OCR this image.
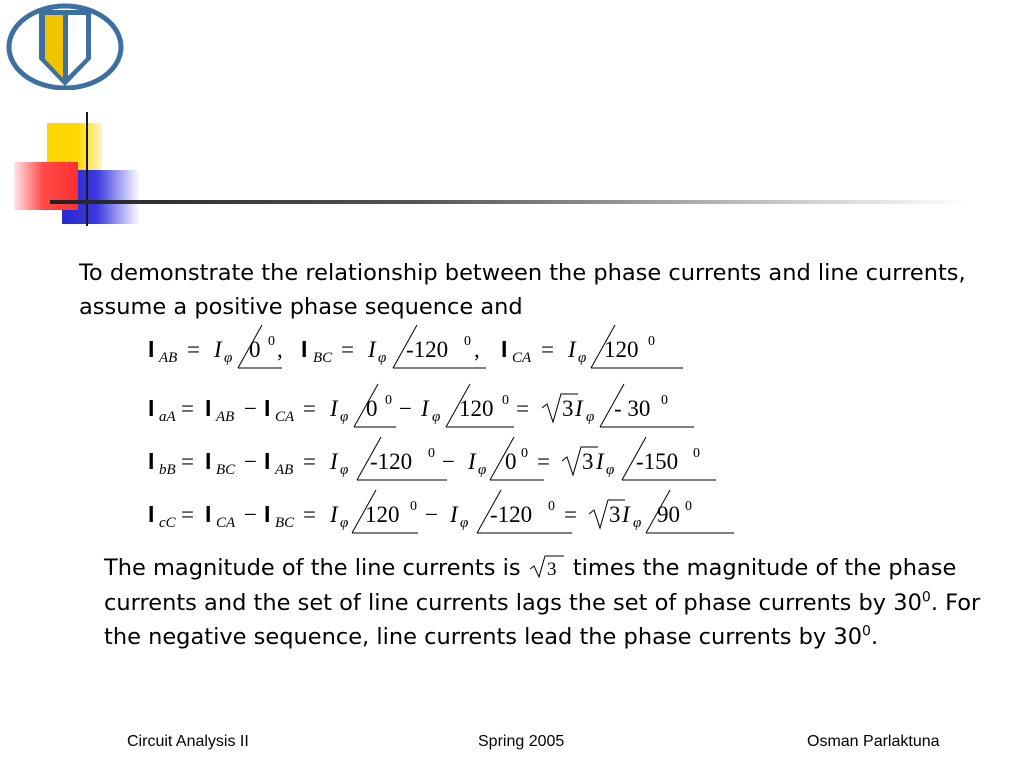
To demonstrate the relationship between the phase currents and line currents, assume a positive phase sequence and
I AB = I φ 0 0 , I BC = I φ -120 0 , I CA = I φ 120 0
I aA = I AB − I CA = I φ 0 0 − I φ 120 0 = 3 I φ - 30 0
I bB = I BC − I AB = I φ -120 0 − I φ 0 0 = 3 I φ -150 0
I cC = I CA − I BC = I φ 120 0 − I φ -120 0 = 3 I φ 90 0
The magnitude of the line currents is 3 times the magnitude of the phase currents and the set of line currents lags the set of phase currents by $30^0$. For the negative sequence, line currents lead the phase currents by $30^0$.
Circuit Analysis II	Spring 2005	Osman Parlaktuna
